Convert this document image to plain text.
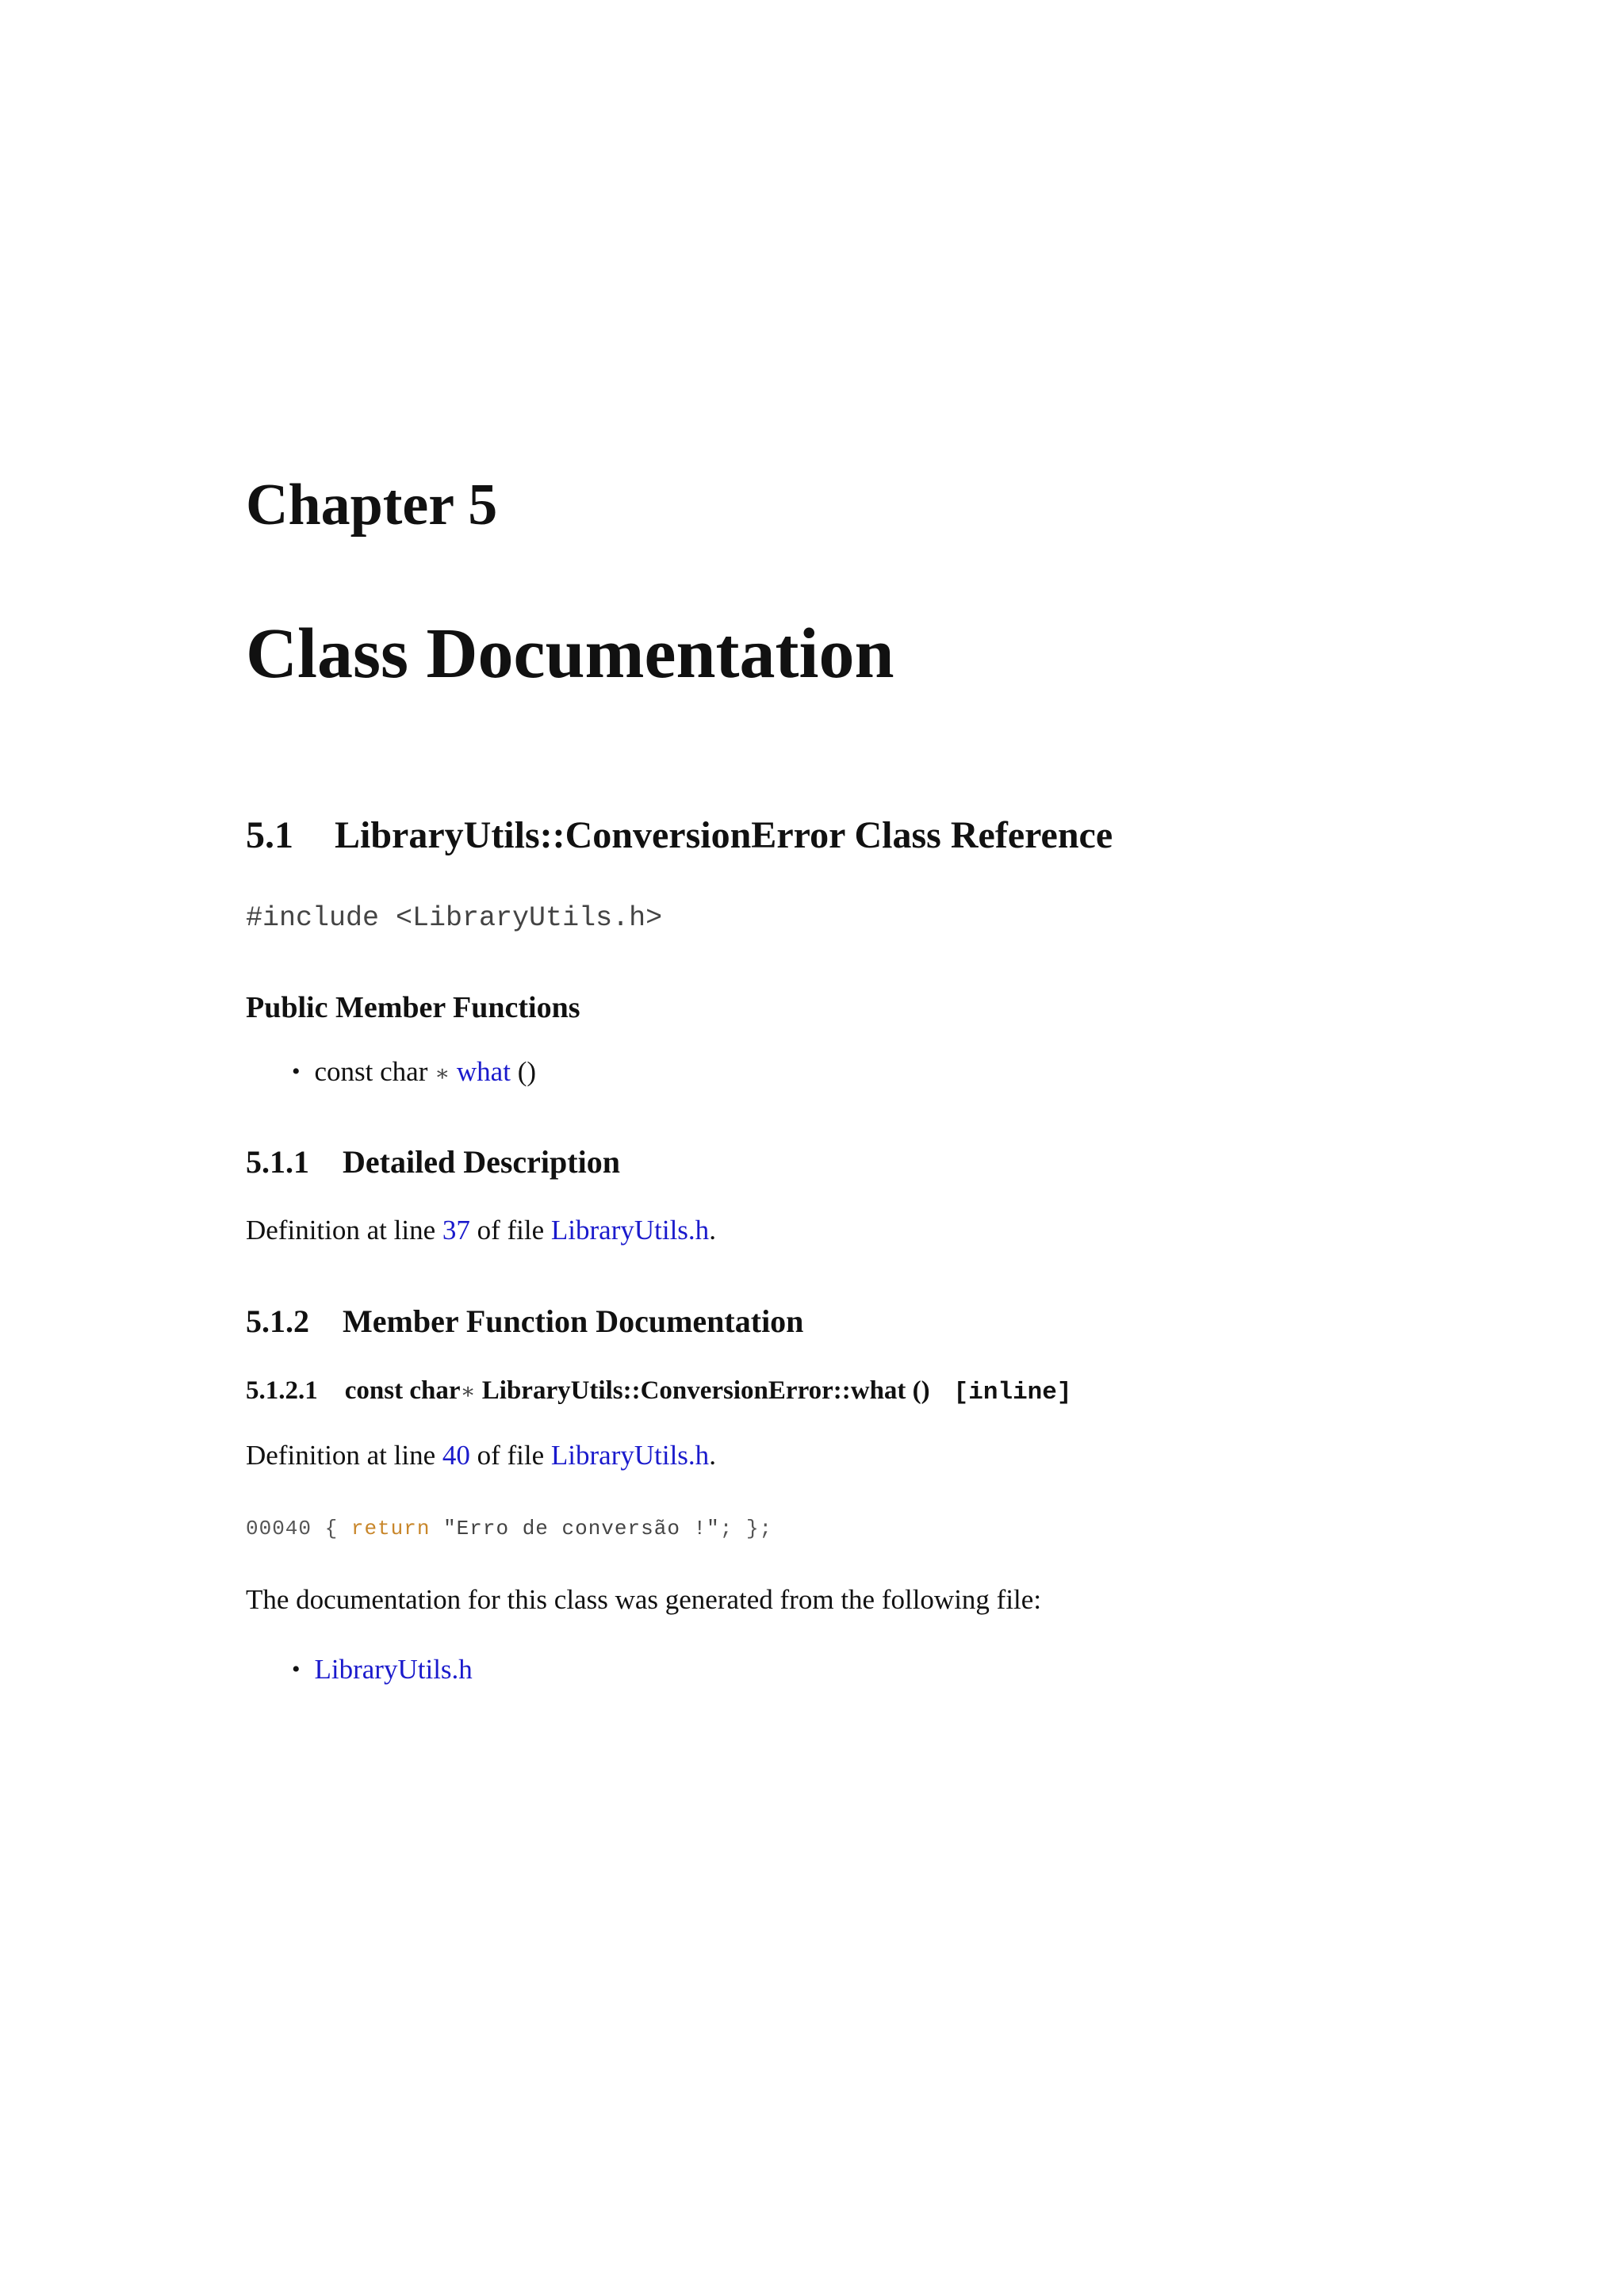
Chapter 5
Class Documentation
5.1 LibraryUtils::ConversionError Class Reference
#include <LibraryUtils.h>
Public Member Functions
• const char ∗ what ()
5.1.1 Detailed Description
Definition at line 37 of file LibraryUtils.h.
5.1.2 Member Function Documentation
5.1.2.1 const char∗ LibraryUtils::ConversionError::what () [inline]
Definition at line 40 of file LibraryUtils.h.
00040 { return "Erro de conversão !"; };
The documentation for this class was generated from the following file:
• LibraryUtils.h
